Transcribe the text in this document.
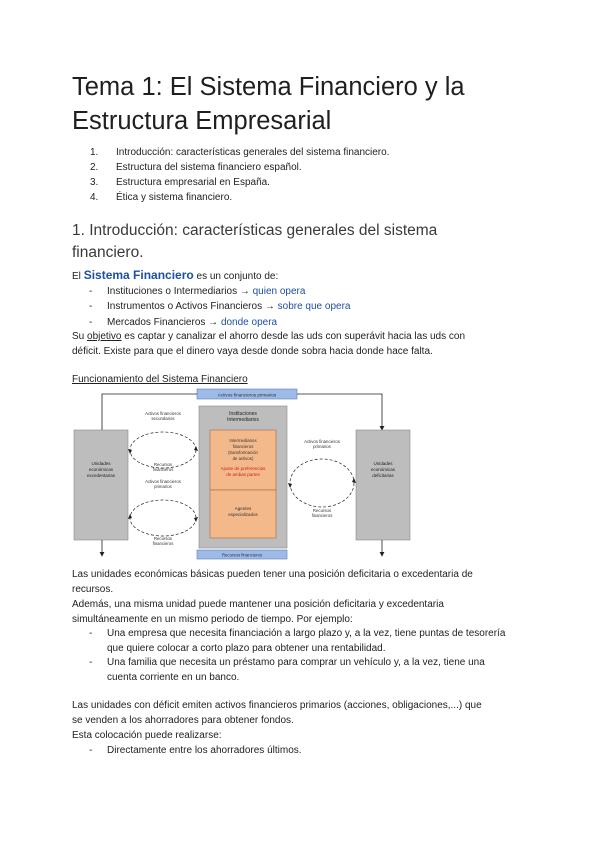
Tema 1: El Sistema Financiero y la Estructura Empresarial
1. Introducción: características generales del sistema financiero.
2. Estructura del sistema financiero español.
3. Estructura empresarial en España.
4. Ética y sistema financiero.
1. Introducción: características generales del sistema financiero.
El Sistema Financiero es un conjunto de:
- Instituciones o Intermediarios → quien opera
- Instrumentos o Activos Financieros → sobre que opera
- Mercados Financieros → donde opera
Su objetivo es captar y canalizar el ahorro desde las uds con superávit hacia las uds con
déficit. Existe para que el dinero vaya desde donde sobra hacia donde hace falta.
Funcionamiento del Sistema Financiero
Activos financieros primarios
Instituciones
Intermediarios
Intermediarios
financieros
(transformación
de activos)
Ajuste de preferencias
de ambas partes
Agentes
especializados
Unidades
económicas
excedentarias
Unidades
económicas
deficitarias
Activos financieros
secundarios
Recursos
financieros
Activos financieros
primarios
Recursos
financieros
Activos financieros
primarios
Recursos
financieros
Recursos financieros
Las unidades económicas básicas pueden tener una posición deficitaria o excedentaria de
recursos.
Además, una misma unidad puede mantener una posición deficitaria y excedentaria
simultáneamente en un mismo periodo de tiempo. Por ejemplo:
- Una empresa que necesita financiación a largo plazo y, a la vez, tiene puntas de tesorería que quiere colocar a corto plazo para obtener una rentabilidad.
- Una familia que necesita un préstamo para comprar un vehículo y, a la vez, tiene una cuenta corriente en un banco.
Las unidades con déficit emiten activos financieros primarios (acciones, obligaciones,...) que
se venden a los ahorradores para obtener fondos.
Esta colocación puede realizarse:
- Directamente entre los ahorradores últimos.
